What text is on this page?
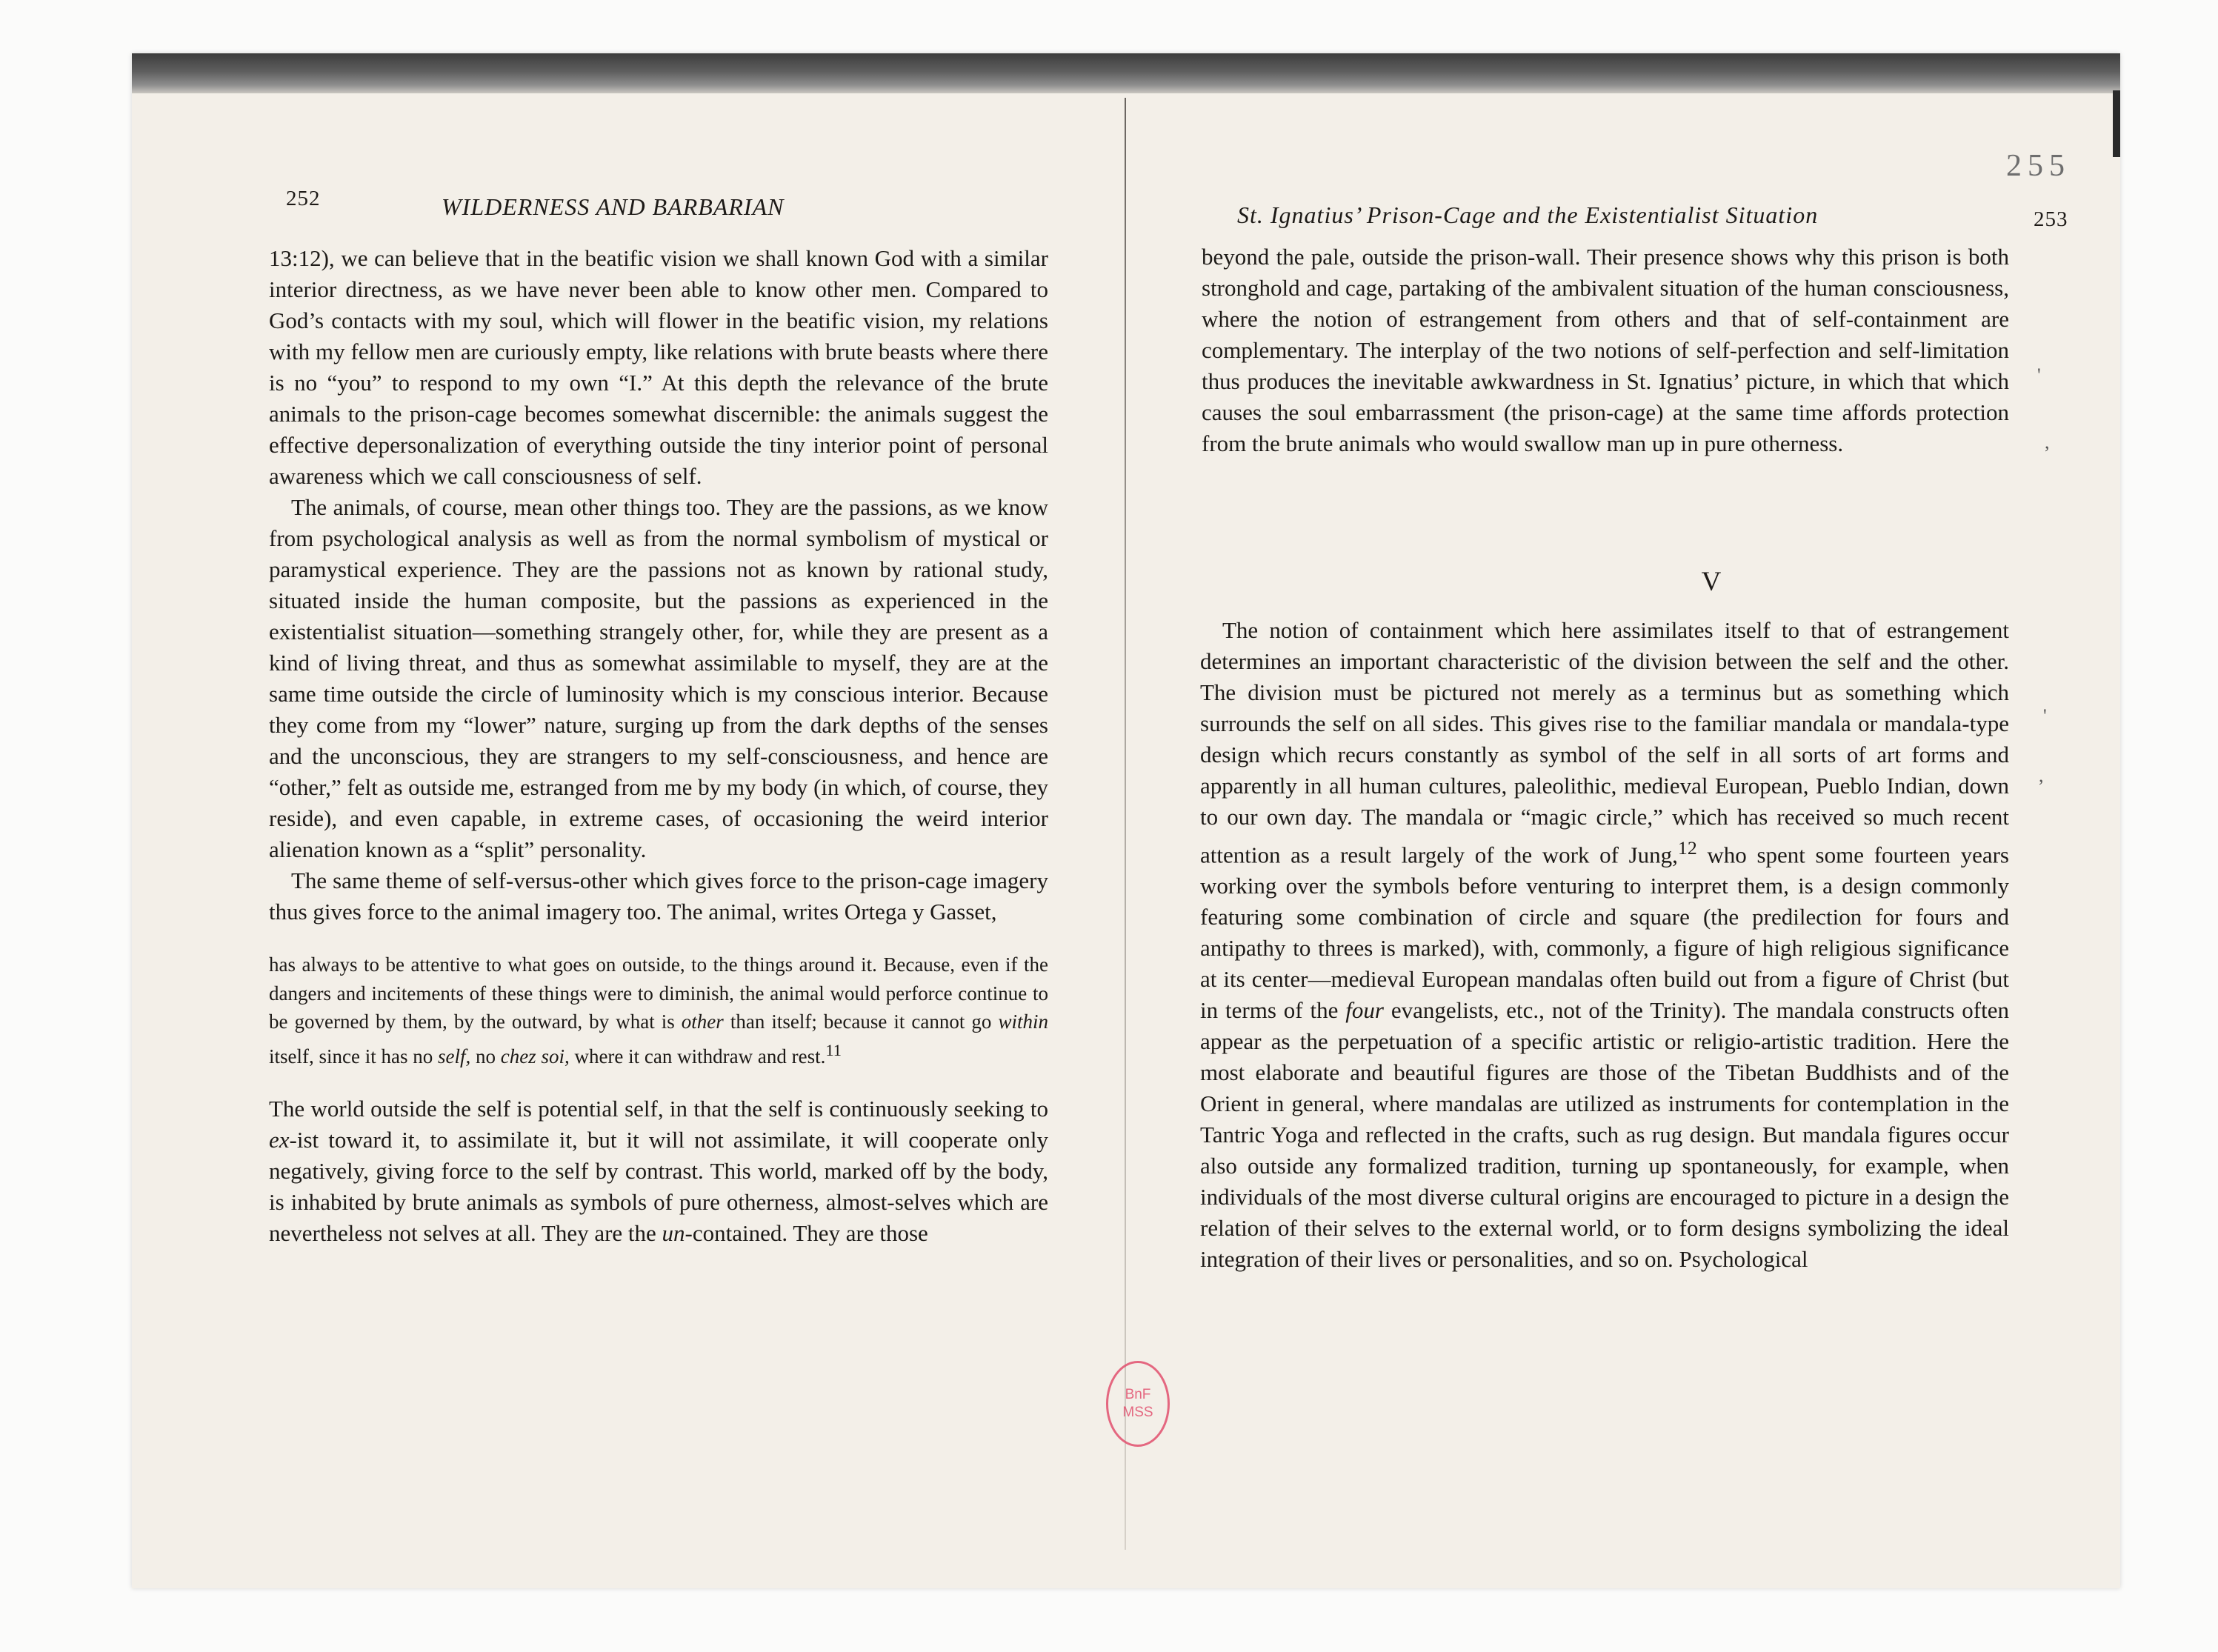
252	WILDERNESS AND BARBARIAN

13:12), we can believe that in the beatific vision we shall known God with a similar interior directness, as we have never been able to know other men. Compared to God’s contacts with my soul, which will flower in the beatific vision, my relations with my fellow men are curiously empty, like relations with brute beasts where there is no “you” to respond to my own “I.” At this depth the relevance of the brute animals to the prison-cage becomes somewhat discernible: the animals suggest the effective depersonalization of everything outside the tiny interior point of personal awareness which we call consciousness of self.

The animals, of course, mean other things too. They are the passions, as we know from psychological analysis as well as from the normal symbolism of mystical or paramystical experience. They are the passions not as known by rational study, situated inside the human composite, but the passions as experienced in the existentialist situation—something strangely other, for, while they are present as a kind of living threat, and thus as somewhat assimilable to myself, they are at the same time outside the circle of luminosity which is my conscious interior. Because they come from my “lower” nature, surging up from the dark depths of the senses and the unconscious, they are strangers to my self-consciousness, and hence are “other,” felt as outside me, estranged from me by my body (in which, of course, they reside), and even capable, in extreme cases, of occasioning the weird interior alienation known as a “split” personality.

The same theme of self-versus-other which gives force to the prison-cage imagery thus gives force to the animal imagery too. The animal, writes Ortega y Gasset,

has always to be attentive to what goes on outside, to the things around it. Because, even if the dangers and incitements of these things were to diminish, the animal would perforce continue to be governed by them, by the outward, by what is other than itself; because it cannot go within itself, since it has no self, no chez soi, where it can withdraw and rest.$^{11}$

The world outside the self is potential self, in that the self is continuously seeking to ex-ist toward it, to assimilate it, but it will not assimilate, it will cooperate only negatively, giving force to the self by contrast. This world, marked off by the body, is inhabited by brute animals as symbols of pure otherness, almost-selves which are nevertheless not selves at all. They are the un-contained. They are those

St. Ignatius’ Prison-Cage and the Existentialist Situation	253

beyond the pale, outside the prison-wall. Their presence shows why this prison is both stronghold and cage, partaking of the ambivalent situation of the human consciousness, where the notion of estrangement from others and that of self-containment are complementary. The interplay of the two notions of self-perfection and self-limitation thus produces the inevitable awkwardness in St. Ignatius’ picture, in which that which causes the soul embarrassment (the prison-cage) at the same time affords protection from the brute animals who would swallow man up in pure otherness.

V

The notion of containment which here assimilates itself to that of estrangement determines an important characteristic of the division between the self and the other. The division must be pictured not merely as a terminus but as something which surrounds the self on all sides. This gives rise to the familiar mandala or mandala-type design which recurs constantly as symbol of the self in all sorts of art forms and apparently in all human cultures, paleolithic, medieval European, Pueblo Indian, down to our own day. The mandala or “magic circle,” which has received so much recent attention as a result largely of the work of Jung,$^{12}$ who spent some fourteen years working over the symbols before venturing to interpret them, is a design commonly featuring some combination of circle and square (the predilection for fours and antipathy to threes is marked), with, commonly, a figure of high religious significance at its center—medieval European mandalas often build out from a figure of Christ (but in terms of the four evangelists, etc., not of the Trinity). The mandala constructs often appear as the perpetuation of a specific artistic or religio-artistic tradition. Here the most elaborate and beautiful figures are those of the Tibetan Buddhists and of the Orient in general, where mandalas are utilized as instruments for contemplation in the Tantric Yoga and reflected in the crafts, such as rug design. But mandala figures occur also outside any formalized tradition, turning up spontaneously, for example, when individuals of the most diverse cultural origins are encouraged to picture in a design the relation of their selves to the external world, or to form designs symbolizing the ideal integration of their lives or personalities, and so on. Psychological

'
,
'
,
255
BnF
MSS
